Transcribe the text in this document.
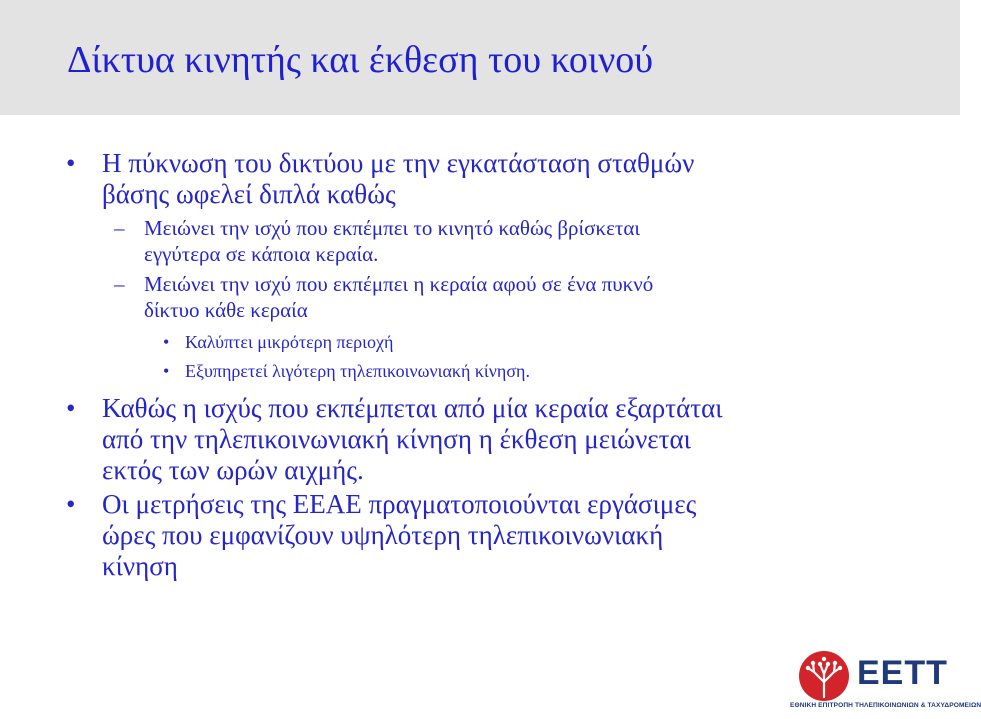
Δίκτυα κινητής και έκθεση του κοινού
• Η πύκνωση του δικτύου με την εγκατάσταση σταθμών
βάσης ωφελεί διπλά καθώς
– Μειώνει την ισχύ που εκπέμπει το κινητό καθώς βρίσκεται
εγγύτερα σε κάποια κεραία.
– Μειώνει την ισχύ που εκπέμπει η κεραία αφού σε ένα πυκνό
δίκτυο κάθε κεραία
• Καλύπτει μικρότερη περιοχή
• Εξυπηρετεί λιγότερη τηλεπικοινωνιακή κίνηση.
• Καθώς η ισχύς που εκπέμπεται από μία κεραία εξαρτάται
από την τηλεπικοινωνιακή κίνηση η έκθεση μειώνεται
εκτός των ωρών αιχμής.
• Οι μετρήσεις της ΕΕΑΕ πραγματοποιούνται εργάσιμες
ώρες που εμφανίζουν υψηλότερη τηλεπικοινωνιακή
κίνηση
ΕΕΤΤ
ΕΘΝΙΚΗ ΕΠΙΤΡΟΠΗ ΤΗΛΕΠΙΚΟΙΝΩΝΙΩΝ & ΤΑΧΥΔΡΟΜΕΙΩΝ
